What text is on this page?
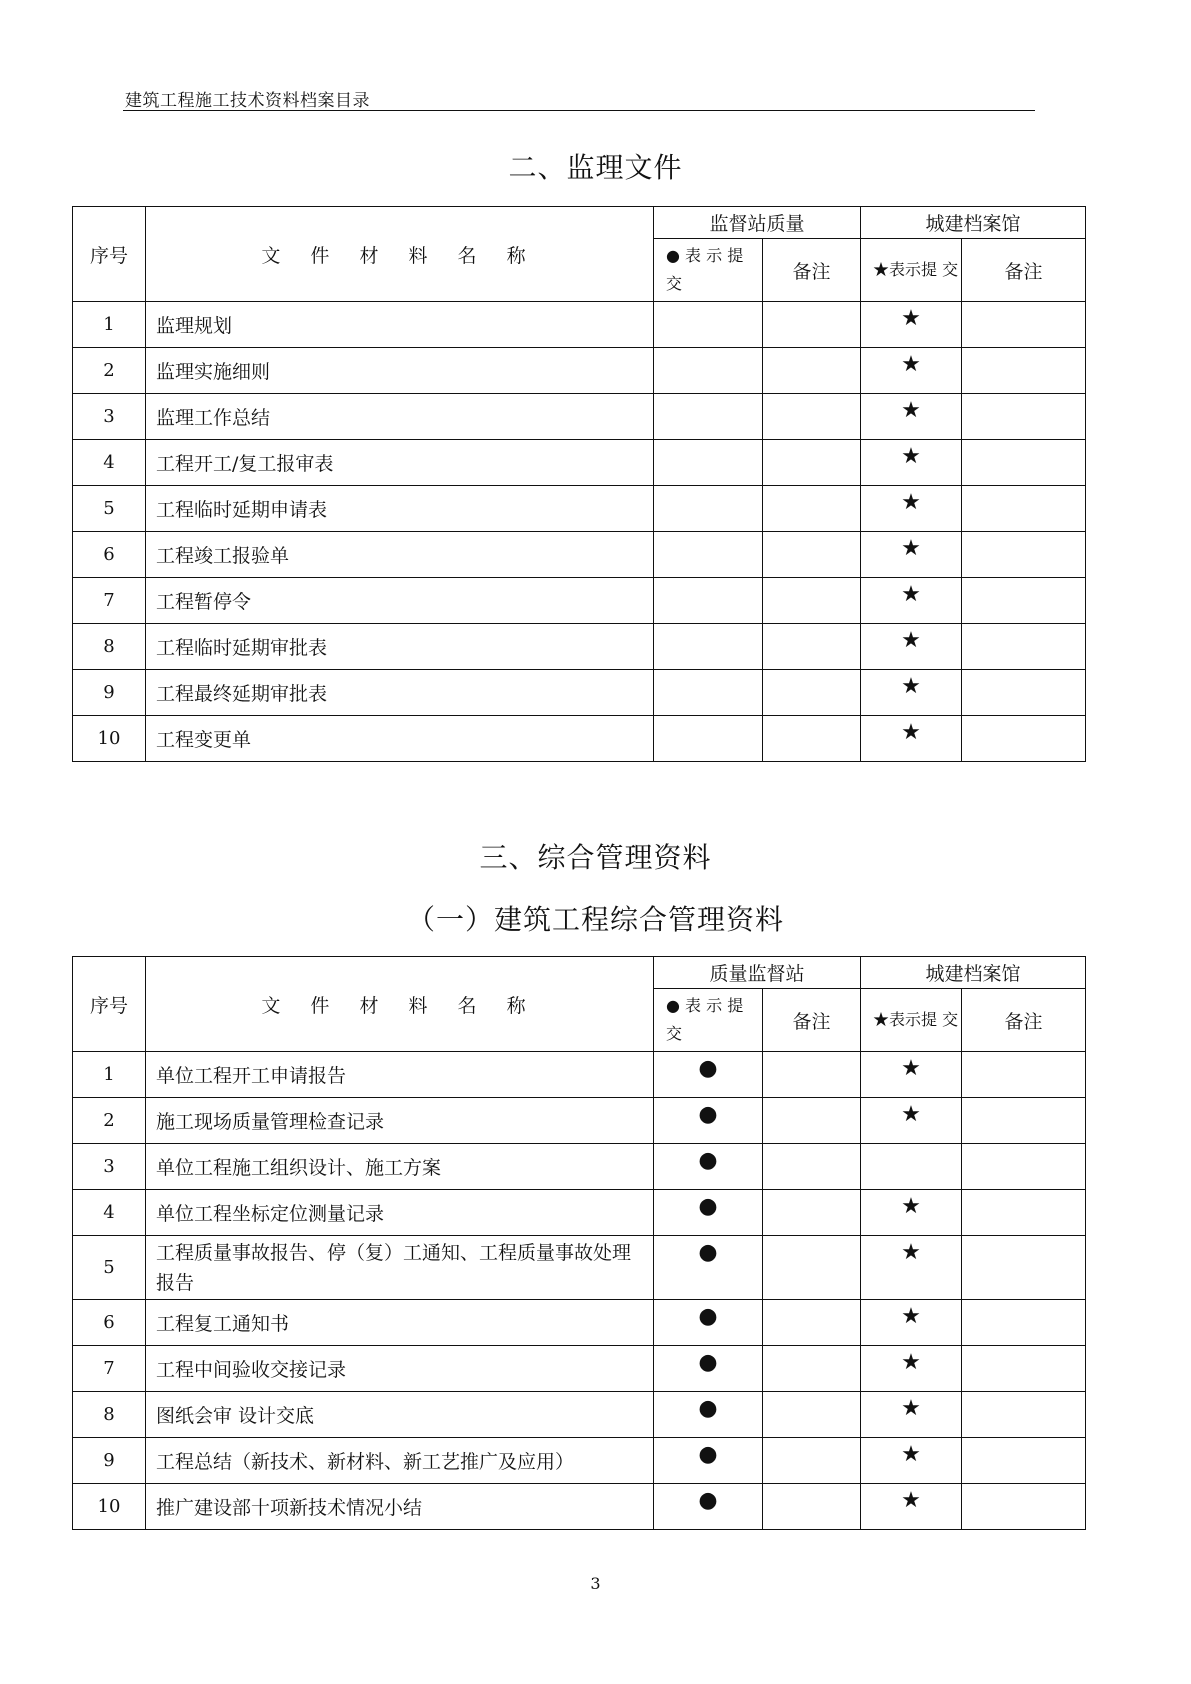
建筑工程施工技术资料档案目录
二、监理文件
序号	文 件 材 料 名 称	监督站质量		城建档案馆	
		● 表 示 提 交	备注	★表示提 交	备注
1	监理规划			★	
2	监理实施细则			★	
3	监理工作总结			★	
4	工程开工/复工报审表			★	
5	工程临时延期申请表			★	
6	工程竣工报验单			★	
7	工程暂停令			★	
8	工程临时延期审批表			★	
9	工程最终延期审批表			★	
10	工程变更单			★	
三、综合管理资料
（一）建筑工程综合管理资料
序号	文 件 材 料 名 称	质量监督站		城建档案馆	
		● 表 示 提 交	备注	★表示提 交	备注
1	单位工程开工申请报告	●		★	
2	施工现场质量管理检查记录	●		★	
3	单位工程施工组织设计、施工方案	●			
4	单位工程坐标定位测量记录	●		★	
5	工程质量事故报告、停（复）工通知、工程质量事故处理报告	●		★	
6	工程复工通知书	●		★	
7	工程中间验收交接记录	●		★	
8	图纸会审 设计交底	●		★	
9	工程总结（新技术、新材料、新工艺推广及应用）	●		★	
10	推广建设部十项新技术情况小结	●		★	
3
